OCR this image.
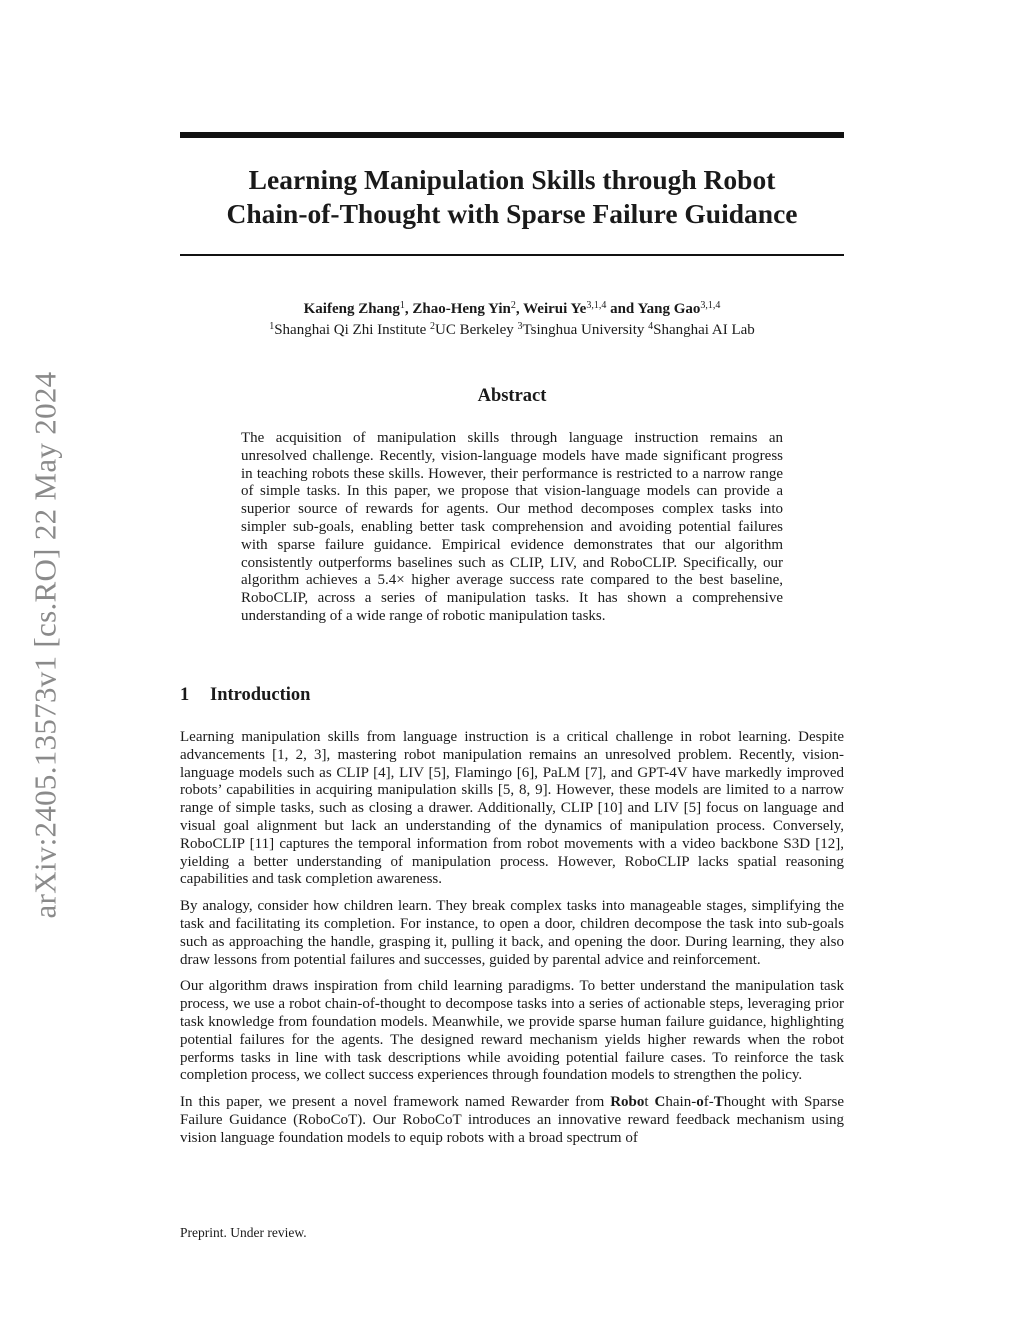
arXiv:2405.13573v1 [cs.RO] 22 May 2024
Learning Manipulation Skills through Robot
Chain-of-Thought with Sparse Failure Guidance
Kaifeng Zhang$^1$, Zhao-Heng Yin$^2$, Weirui Ye$^{3,1,4}$ and Yang Gao$^{3,1,4}$
$^1$Shanghai Qi Zhi Institute $^2$UC Berkeley $^3$Tsinghua University $^4$Shanghai AI Lab
Abstract

The acquisition of manipulation skills through language instruction remains an unresolved challenge. Recently, vision-language models have made significant progress in teaching robots these skills. However, their performance is restricted to a narrow range of simple tasks. In this paper, we propose that vision-language models can provide a superior source of rewards for agents. Our method decomposes complex tasks into simpler sub-goals, enabling better task comprehension and avoiding potential failures with sparse failure guidance. Empirical evidence demonstrates that our algorithm consistently outperforms baselines such as CLIP, LIV, and RoboCLIP. Specifically, our algorithm achieves a 5.4× higher average success rate compared to the best baseline, RoboCLIP, across a series of manipulation tasks. It has shown a comprehensive understanding of a wide range of robotic manipulation tasks.

1 Introduction

Learning manipulation skills from language instruction is a critical challenge in robot learning. Despite advancements [1, 2, 3], mastering robot manipulation remains an unresolved problem. Recently, vision-language models such as CLIP [4], LIV [5], Flamingo [6], PaLM [7], and GPT-4V have markedly improved robots’ capabilities in acquiring manipulation skills [5, 8, 9]. However, these models are limited to a narrow range of simple tasks, such as closing a drawer. Additionally, CLIP [10] and LIV [5] focus on language and visual goal alignment but lack an understanding of the dynamics of manipulation process. Conversely, RoboCLIP [11] captures the temporal information from robot movements with a video backbone S3D [12], yielding a better understanding of manipulation process. However, RoboCLIP lacks spatial reasoning capabilities and task completion awareness.

By analogy, consider how children learn. They break complex tasks into manageable stages, simplifying the task and facilitating its completion. For instance, to open a door, children decompose the task into sub-goals such as approaching the handle, grasping it, pulling it back, and opening the door. During learning, they also draw lessons from potential failures and successes, guided by parental advice and reinforcement.

Our algorithm draws inspiration from child learning paradigms. To better understand the manipulation task process, we use a robot chain-of-thought to decompose tasks into a series of actionable steps, leveraging prior task knowledge from foundation models. Meanwhile, we provide sparse human failure guidance, highlighting potential failures for the agents. The designed reward mechanism yields higher rewards when the robot performs tasks in line with task descriptions while avoiding potential failure cases. To reinforce the task completion process, we collect success experiences through foundation models to strengthen the policy.

In this paper, we present a novel framework named Rewarder from Robot Chain-of-Thought with Sparse Failure Guidance (RoboCoT). Our RoboCoT introduces an innovative reward feedback mechanism using vision language foundation models to equip robots with a broad spectrum of

Preprint. Under review.
